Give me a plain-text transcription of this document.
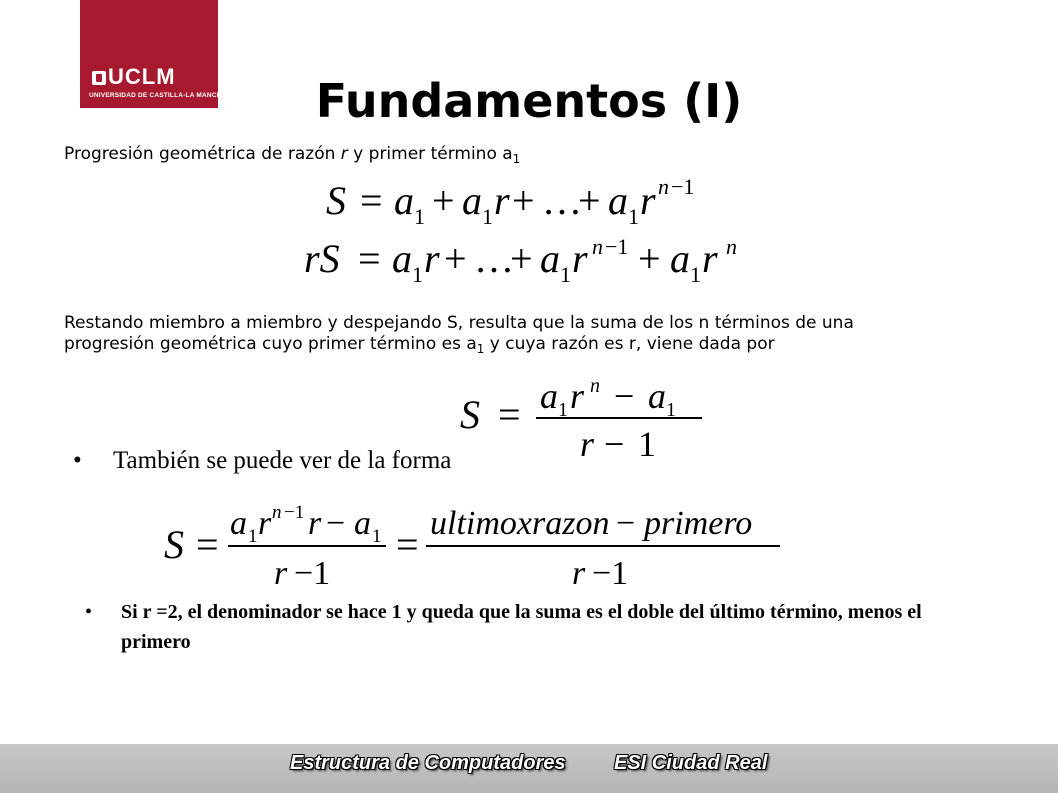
UCLM
UNIVERSIDAD DE CASTILLA-LA MANCHA	Fundamentos (I)
Progresión geométrica de razón r y primer término $a_1$
S = a 1 + a 1 r + …
+ a 1 r n −1
rS = a 1 r + …
+ a 1 r n −1 + a 1 r n
Restando miembro a miembro y despejando S, resulta que la suma de los n términos de una progresión geométrica cuyo primer término es $a_1$ y cuya razón es r, viene dada por
S = a 1 r n − a 1
r − 1
• También se puede ver de la forma
S = a 1 r n −1 r − a 1
r −1
= ultimoxrazon − primero
r −1
• Si r =2, el denominador se hace 1 y queda que la suma es el doble del último término, menos el primero
Estructura de Computadores ESI Ciudad Real
